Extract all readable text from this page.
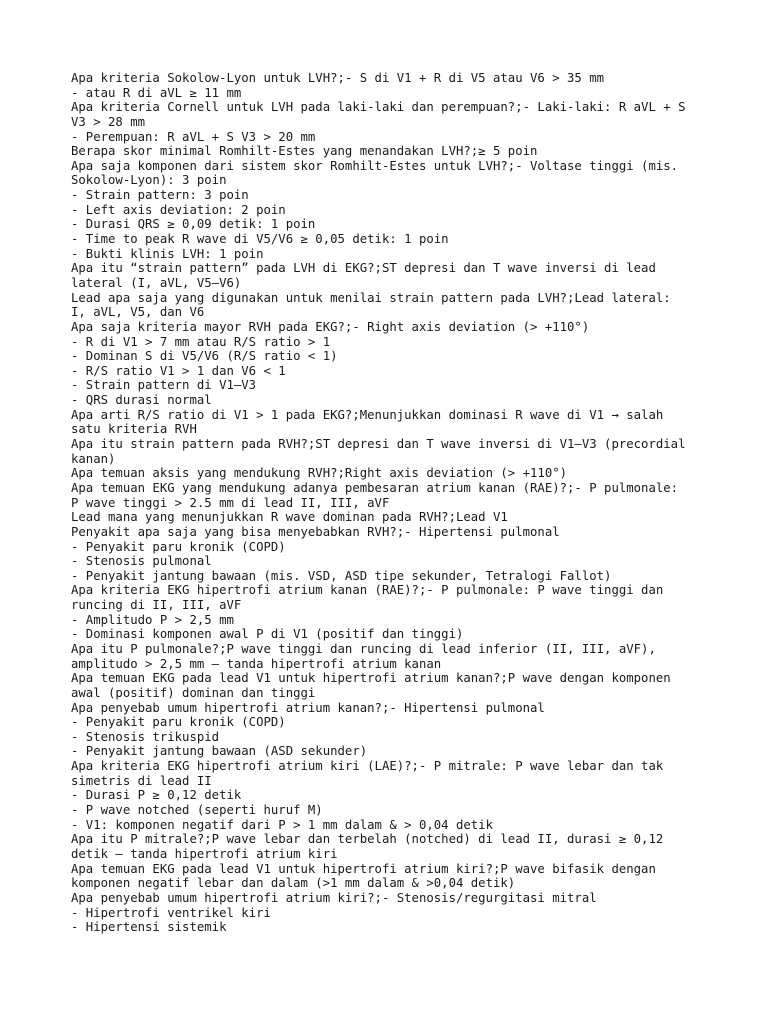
Apa kriteria Sokolow-Lyon untuk LVH?;- S di V1 + R di V5 atau V6 > 35 mm
- atau R di aVL ≥ 11 mm
Apa kriteria Cornell untuk LVH pada laki-laki dan perempuan?;- Laki-laki: R aVL + S
V3 > 28 mm
- Perempuan: R aVL + S V3 > 20 mm
Berapa skor minimal Romhilt-Estes yang menandakan LVH?;≥ 5 poin
Apa saja komponen dari sistem skor Romhilt-Estes untuk LVH?;- Voltase tinggi (mis.
Sokolow-Lyon): 3 poin
- Strain pattern: 3 poin
- Left axis deviation: 2 poin
- Durasi QRS ≥ 0,09 detik: 1 poin
- Time to peak R wave di V5/V6 ≥ 0,05 detik: 1 poin
- Bukti klinis LVH: 1 poin
Apa itu “strain pattern” pada LVH di EKG?;ST depresi dan T wave inversi di lead
lateral (I, aVL, V5–V6)
Lead apa saja yang digunakan untuk menilai strain pattern pada LVH?;Lead lateral:
I, aVL, V5, dan V6
Apa saja kriteria mayor RVH pada EKG?;- Right axis deviation (> +110°)
- R di V1 > 7 mm atau R/S ratio > 1
- Dominan S di V5/V6 (R/S ratio < 1)
- R/S ratio V1 > 1 dan V6 < 1
- Strain pattern di V1–V3
- QRS durasi normal
Apa arti R/S ratio di V1 > 1 pada EKG?;Menunjukkan dominasi R wave di V1 → salah
satu kriteria RVH
Apa itu strain pattern pada RVH?;ST depresi dan T wave inversi di V1–V3 (precordial
kanan)
Apa temuan aksis yang mendukung RVH?;Right axis deviation (> +110°)
Apa temuan EKG yang mendukung adanya pembesaran atrium kanan (RAE)?;- P pulmonale:
P wave tinggi > 2.5 mm di lead II, III, aVF
Lead mana yang menunjukkan R wave dominan pada RVH?;Lead V1
Penyakit apa saja yang bisa menyebabkan RVH?;- Hipertensi pulmonal
- Penyakit paru kronik (COPD)
- Stenosis pulmonal
- Penyakit jantung bawaan (mis. VSD, ASD tipe sekunder, Tetralogi Fallot)
Apa kriteria EKG hipertrofi atrium kanan (RAE)?;- P pulmonale: P wave tinggi dan
runcing di II, III, aVF
- Amplitudo P > 2,5 mm
- Dominasi komponen awal P di V1 (positif dan tinggi)
Apa itu P pulmonale?;P wave tinggi dan runcing di lead inferior (II, III, aVF),
amplitudo > 2,5 mm — tanda hipertrofi atrium kanan
Apa temuan EKG pada lead V1 untuk hipertrofi atrium kanan?;P wave dengan komponen
awal (positif) dominan dan tinggi
Apa penyebab umum hipertrofi atrium kanan?;- Hipertensi pulmonal
- Penyakit paru kronik (COPD)
- Stenosis trikuspid
- Penyakit jantung bawaan (ASD sekunder)
Apa kriteria EKG hipertrofi atrium kiri (LAE)?;- P mitrale: P wave lebar dan tak
simetris di lead II
- Durasi P ≥ 0,12 detik
- P wave notched (seperti huruf M)
- V1: komponen negatif dari P > 1 mm dalam & > 0,04 detik
Apa itu P mitrale?;P wave lebar dan terbelah (notched) di lead II, durasi ≥ 0,12
detik — tanda hipertrofi atrium kiri
Apa temuan EKG pada lead V1 untuk hipertrofi atrium kiri?;P wave bifasik dengan
komponen negatif lebar dan dalam (>1 mm dalam & >0,04 detik)
Apa penyebab umum hipertrofi atrium kiri?;- Stenosis/regurgitasi mitral
- Hipertrofi ventrikel kiri
- Hipertensi sistemik
